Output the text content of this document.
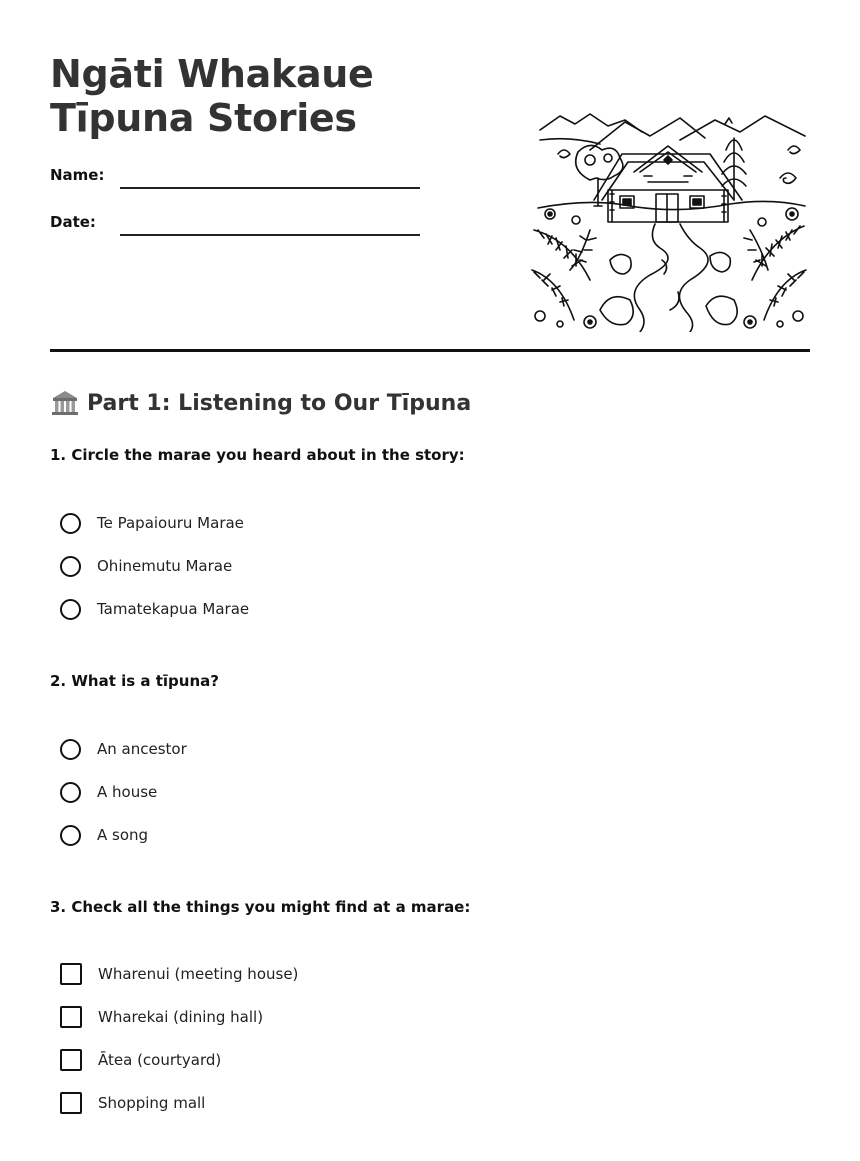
Ngāti Whakaue Tīpuna Stories
Name:
Date:
Part 1: Listening to Our Tīpuna
1. Circle the marae you heard about in the story:
Te Papaiouru Marae
Ohinemutu Marae
Tamatekapua Marae
2. What is a tīpuna?
An ancestor
A house
A song
3. Check all the things you might find at a marae:
Wharenui (meeting house)
Wharekai (dining hall)
Ātea (courtyard)
Shopping mall
